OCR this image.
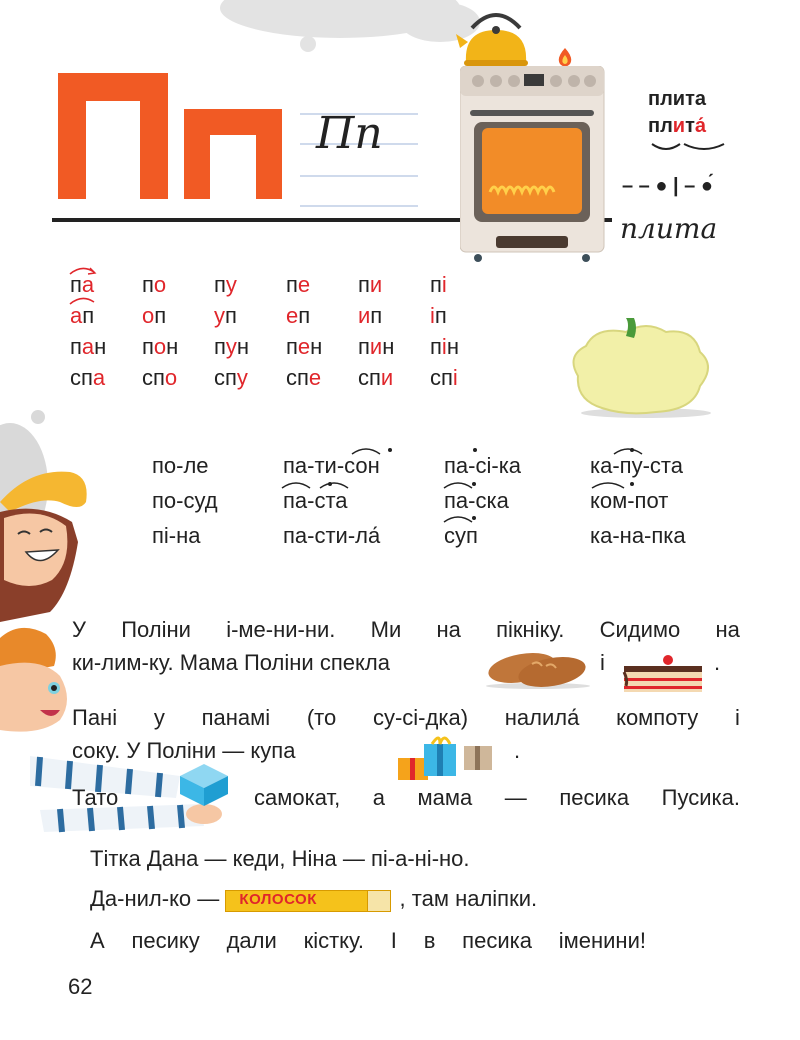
Пп
плита
плита́
– – ● | – ●́
плита
па	по	пу	пе	пи	пі
ап	оп	уп	еп	ип	іп
пан	пон	пун	пен	пин	пін
спа	спо	спу	спе	спи	спі
по-ле	па-ти-сон	па-сі-ка	ка-пу-ста
по-суд	па-ста	па-ска	ком-пот
пі-на	па-сти-ла́	суп	ка-на-пка
У Поліни і-ме-ни-ни. Ми на пікніку. Сидимо на
ки-лим-ку. Мама Поліни спекла	і	.
Пані у панамі (то су-сі-дка) налила́ компоту і
соку. У Поліни — купа	.
Тато	самокат, а мама — песика Пусика.
Тітка Дана — кеди, Ніна — пі-а-ні-но.
Да-нил-ко — КОЛОСОК	, там наліпки.
А песику дали кістку. І в песика іменини!
62
